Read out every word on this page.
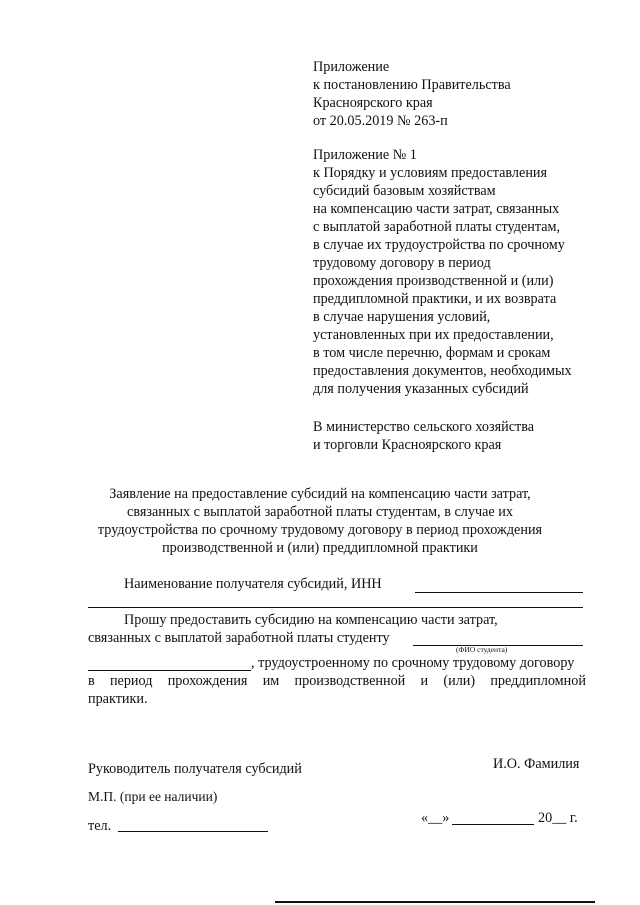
Приложение
к постановлению Правительства
Красноярского края
от 20.05.2019 № 263-п
Приложение № 1
к Порядку и условиям предоставления
субсидий базовым хозяйствам
на компенсацию части затрат, связанных
с выплатой заработной платы студентам,
в случае их трудоустройства по срочному
трудовому договору в период
прохождения производственной и (или)
преддипломной практики, и их возврата
в случае нарушения условий,
установленных при их предоставлении,
в том числе перечню, формам и срокам
предоставления документов, необходимых
для получения указанных субсидий
В министерство сельского хозяйства
и торговли Красноярского края
Заявление на предоставление субсидий на компенсацию части затрат,
связанных с выплатой заработной платы студентам, в случае их
трудоустройства по срочному трудовому договору в период прохождения
производственной и (или) преддипломной практики
Наименование получателя субсидий, ИНН
Прошу предоставить субсидию на компенсацию части затрат,
связанных с выплатой заработной платы студенту
(ФИО студента)
, трудоустроенному по срочному трудовому договору
в период прохождения им производственной и (или) преддипломной
практики.
Руководитель получателя субсидий	И.О. Фамилия
М.П. (при ее наличии)
тел.	«__»	20__ г.
